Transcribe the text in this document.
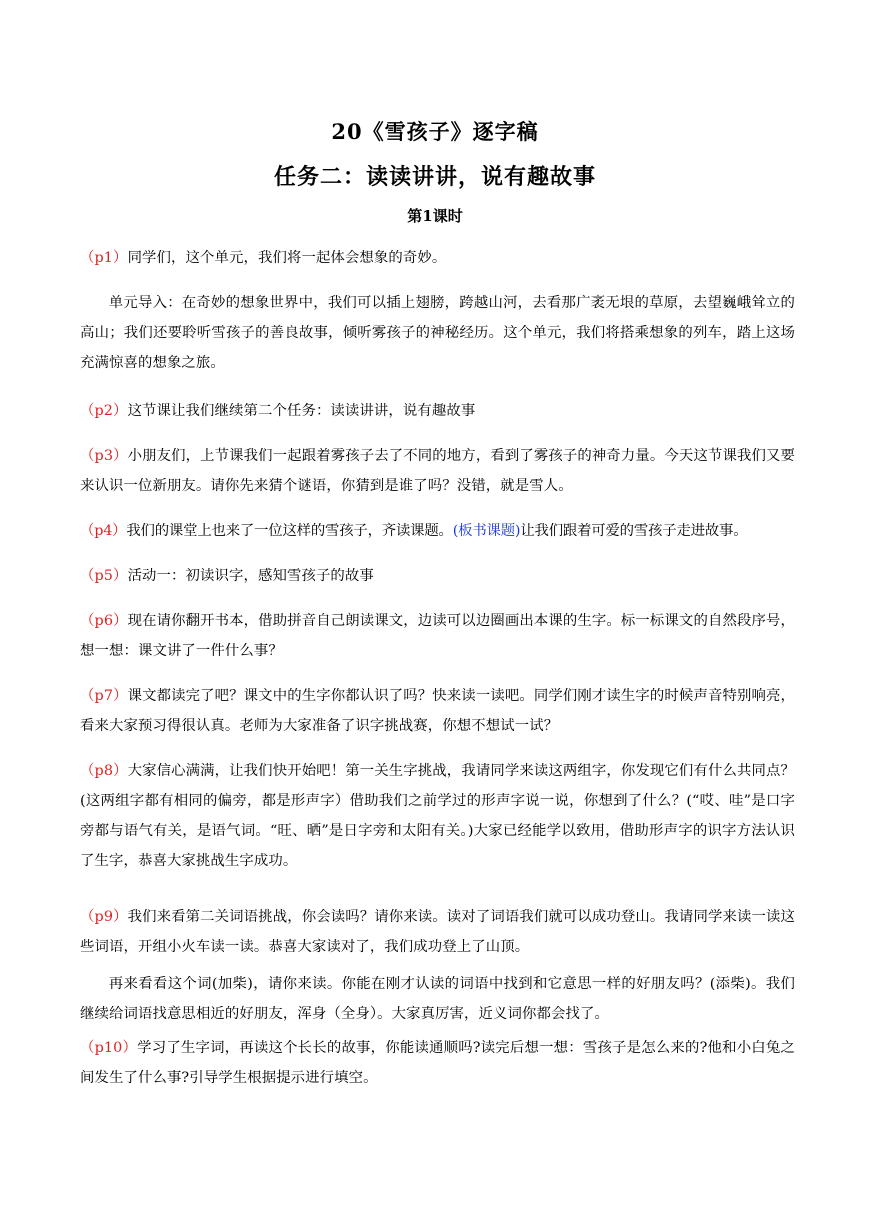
20《雪孩子》逐字稿
任务二：读读讲讲，说有趣故事
第1课时
（p1）同学们，这个单元，我们将一起体会想象的奇妙。
单元导入：在奇妙的想象世界中，我们可以插上翅膀，跨越山河，去看那广袤无垠的草原，去望巍峨耸立的高山；我们还要聆听雪孩子的善良故事，倾听雾孩子的神秘经历。这个单元，我们将搭乘想象的列车，踏上这场充满惊喜的想象之旅。
（p2）这节课让我们继续第二个任务：读读讲讲，说有趣故事
（p3）小朋友们，上节课我们一起跟着雾孩子去了不同的地方，看到了雾孩子的神奇力量。今天这节课我们又要来认识一位新朋友。请你先来猜个谜语，你猜到是谁了吗？没错，就是雪人。
（p4）我们的课堂上也来了一位这样的雪孩子，齐读课题。(板书课题)让我们跟着可爱的雪孩子走进故事。
（p5）活动一：初读识字，感知雪孩子的故事
（p6）现在请你翻开书本，借助拼音自己朗读课文，边读可以边圈画出本课的生字。标一标课文的自然段序号，想一想：课文讲了一件什么事？
（p7）课文都读完了吧？课文中的生字你都认识了吗？快来读一读吧。同学们刚才读生字的时候声音特别响亮，看来大家预习得很认真。老师为大家准备了识字挑战赛，你想不想试一试？
（p8）大家信心满满，让我们快开始吧！第一关生字挑战，我请同学来读这两组字，你发现它们有什么共同点？(这两组字都有相同的偏旁，都是形声字）借助我们之前学过的形声字说一说，你想到了什么？(“哎、哇”是口字旁都与语气有关，是语气词。“旺、晒”是日字旁和太阳有关。)大家已经能学以致用，借助形声字的识字方法认识了生字，恭喜大家挑战生字成功。
（p9）我们来看第二关词语挑战，你会读吗？请你来读。读对了词语我们就可以成功登山。我请同学来读一读这些词语，开组小火车读一读。恭喜大家读对了，我们成功登上了山顶。
再来看看这个词(加柴)，请你来读。你能在刚才认读的词语中找到和它意思一样的好朋友吗？(添柴)。我们继续给词语找意思相近的好朋友，浑身（全身）。大家真厉害，近义词你都会找了。
（p10）学习了生字词，再读这个长长的故事，你能读通顺吗?读完后想一想：雪孩子是怎么来的?他和小白兔之间发生了什么事?引导学生根据提示进行填空。
